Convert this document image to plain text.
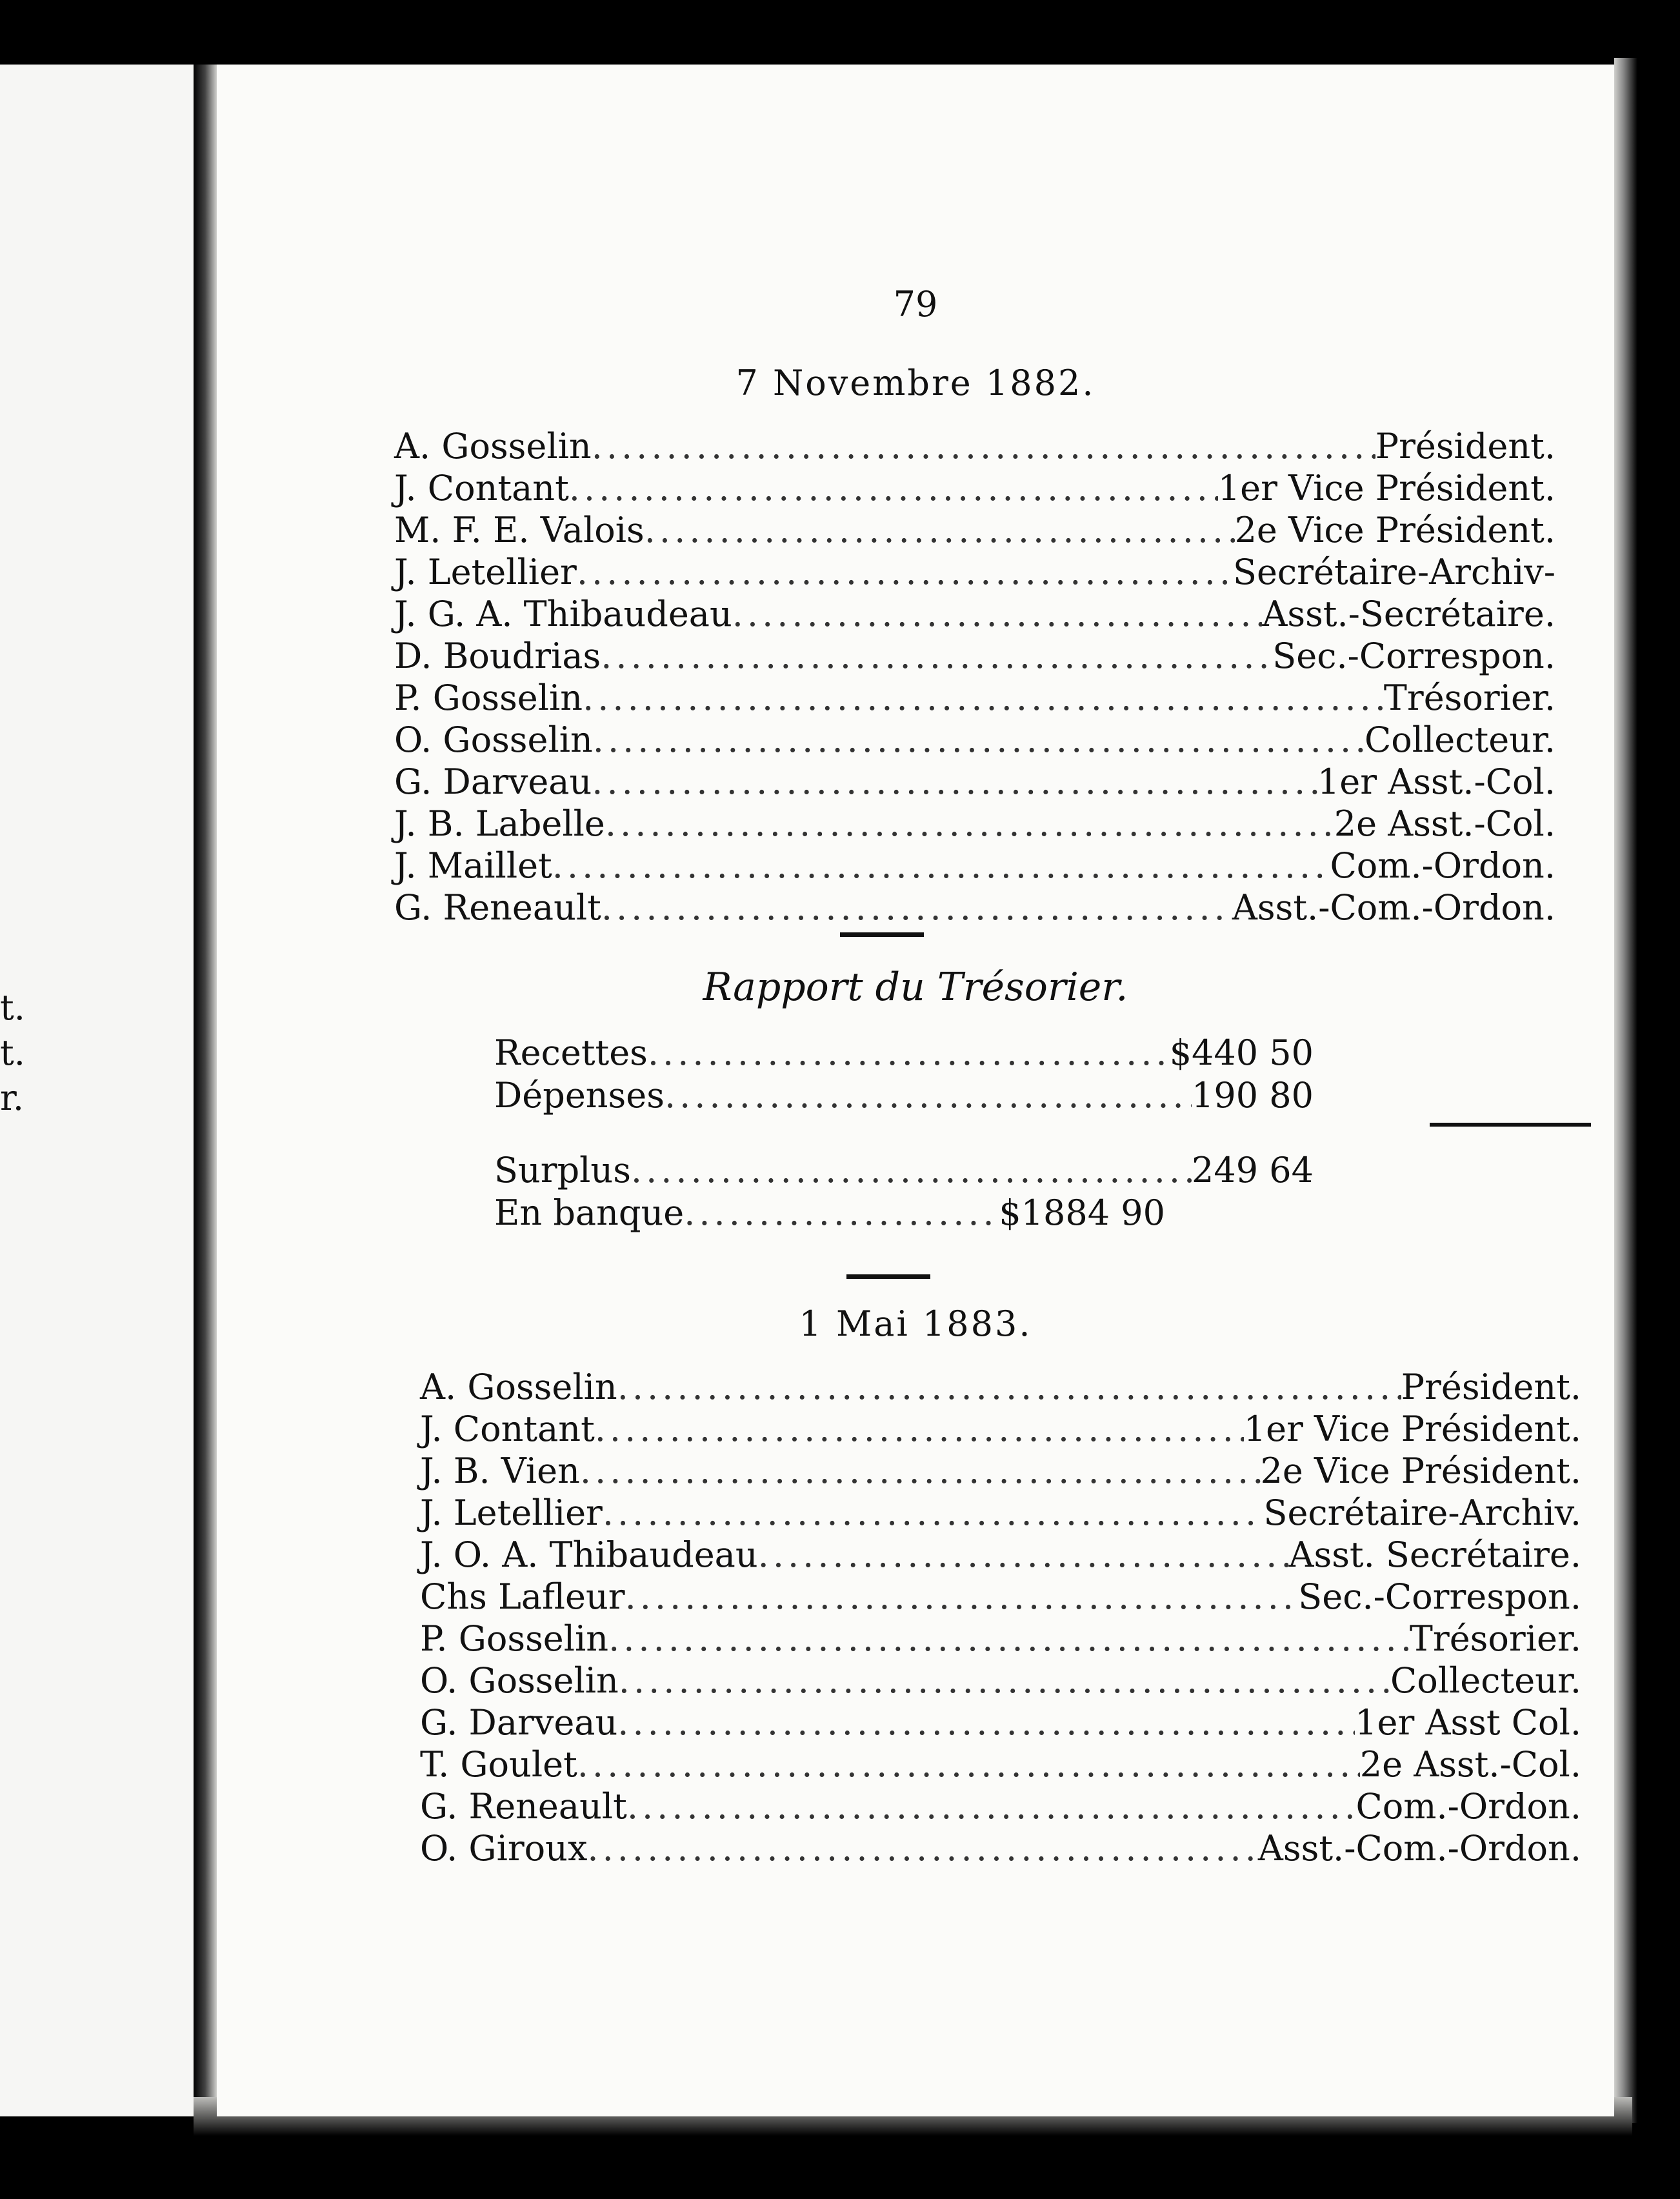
t.
t.
r.
79
7 Novembre 1882.
A. Gosselin .....	Président.
J. Contant .....	1er Vice Président.
M. F. E. Valois .....	2e Vice Président.
J. Letellier .....	Secrétaire-Archiv-
J. G. A. Thibaudeau .....	Asst.-Secrétaire.
D. Boudrias .....	Sec.-Correspon.
P. Gosselin .....	Trésorier.
O. Gosselin .....	Collecteur.
G. Darveau .....	1er Asst.-Col.
J. B. Labelle .....	2e Asst.-Col.
J. Maillet .....	Com.-Ordon.
G. Reneault .....	Asst.-Com.-Ordon.
Rapport du Trésorier.
Recettes .....	$440 50
Dépenses .....	190 80
Surplus .....	249 64
En banque .....	$1884 90
1 Mai 1883.
A. Gosselin .....	Président.
J. Contant .....	1er Vice Président.
J. B. Vien .....	2e Vice Président.
J. Letellier .....	Secrétaire-Archiv.
J. O. A. Thibaudeau .....	Asst. Secrétaire.
Chs Lafleur .....	Sec.-Correspon.
P. Gosselin .....	Trésorier.
O. Gosselin .....	Collecteur.
G. Darveau .....	1er Asst Col.
T. Goulet .....	2e Asst.-Col.
G. Reneault .....	Com.-Ordon.
O. Giroux .....	Asst.-Com.-Ordon.
